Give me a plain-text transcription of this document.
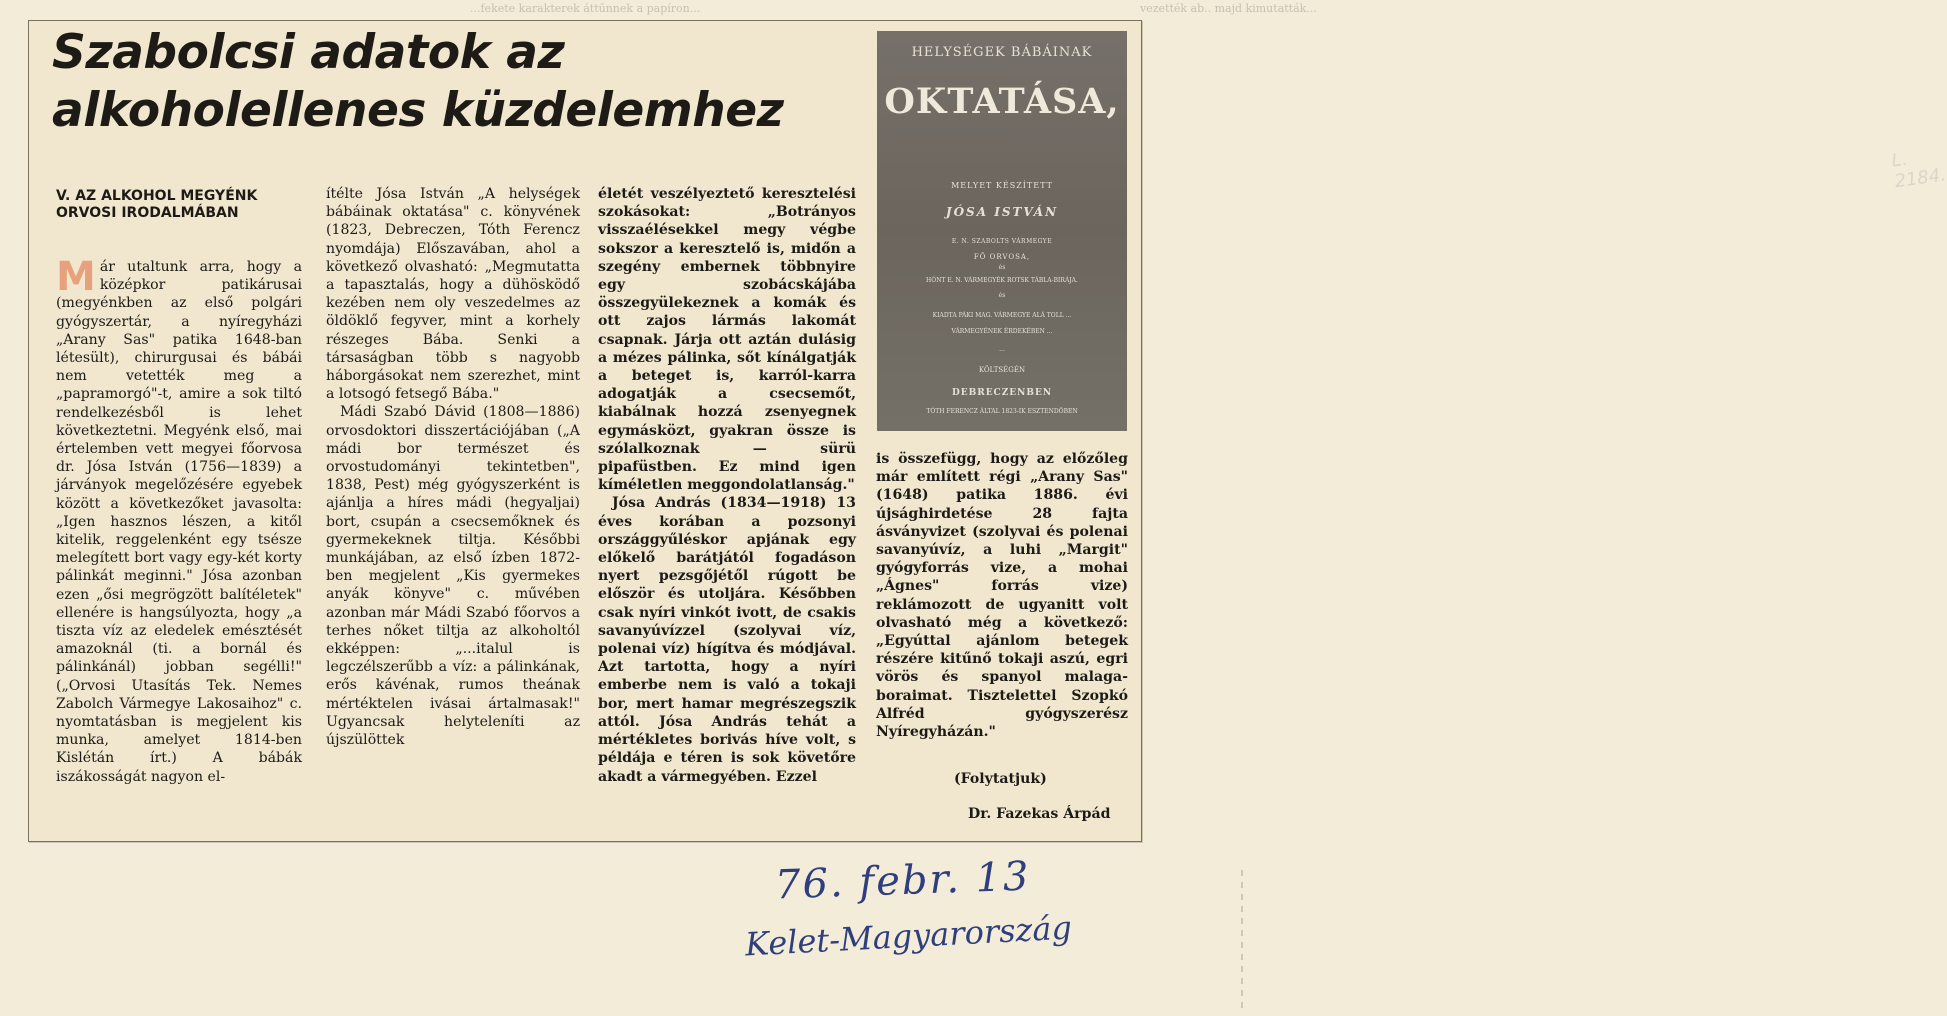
...fekete karakterek áttűnnek a papíron...	vezették ab.. majd kimutatták...
Szabolcsi adatok az
alkoholellenes küzdelemhez
V. AZ ALKOHOL MEGYÉNK ORVOSI IRODALMÁBAN

Már utaltunk arra, hogy a középkor patikárusai (megyénkben az első polgári gyógyszertár, a nyíregyházi „Arany Sas" patika 1648-ban létesült), chirurgusai és bábái nem vetették meg a „papramorgó"-t, amire a sok tiltó rendelkezésből is lehet következtetni. Megyénk első, mai értelemben vett megyei főorvosa dr. Jósa István (1756—1839) a járványok megelőzésére egyebek között a következőket javasolta: „Igen hasznos lészen, a kitől kitelik, reggelenként egy tsésze melegített bort vagy egy-két korty pálinkát meginni." Jósa azonban ezen „ősi megrögzött balítéletek" ellenére is hangsúlyozta, hogy „a tiszta víz az eledelek emésztését amazoknál (ti. a bornál és pálinkánál) jobban segélli!" („Orvosi Utasítás Tek. Nemes Zabolch Vármegye Lakosaihoz" c. nyomtatásban is megjelent kis munka, amelyet 1814-ben Kislétán írt.) A bábák iszákosságát nagyon el-

ítélte Jósa István „A helységek bábáinak oktatása" c. könyvének (1823, Debreczen, Tóth Ferencz nyomdája) Előszavában, ahol a következő olvasható: „Megmutatta a tapasztalás, hogy a dühösködő kezében nem oly veszedelmes az öldöklő fegyver, mint a korhely részeges Bába. Senki a társaságban több s nagyobb háborgásokat nem szerezhet, mint a lotsogó fetsegő Bába."

Mádi Szabó Dávid (1808—1886) orvosdoktori disszertációjában („A mádi bor természet és orvostudományi tekintetben", 1838, Pest) még gyógyszerként is ajánlja a híres mádi (hegyaljai) bort, csupán a csecsemőknek és gyermekeknek tiltja. Későbbi munkájában, az első ízben 1872-ben megjelent „Kis gyermekes anyák könyve" c. művében azonban már Mádi Szabó főorvos a terhes nőket tiltja az alkoholtól ekképpen: „...italul is legczélszerűbb a víz: a pálinkának, erős kávénak, rumos theának mértéktelen ivásai ártalmasak!" Ugyancsak helyteleníti az újszülöttek

életét veszélyeztető keresztelési szokásokat: „Botrányos visszaélésekkel megy végbe sokszor a keresztelő is, midőn a szegény embernek többnyire egy szobácskájába összegyülekeznek a komák és ott zajos lármás lakomát csapnak. Járja ott aztán dulásig a mézes pálinka, sőt kínálgatják a beteget is, karról-karra adogatják a csecsemőt, kiabálnak hozzá zsenyegnek egymásközt, gyakran össze is szólalkoznak — sürü pipafüstben. Ez mind igen kíméletlen meggondolatlanság."

Jósa András (1834—1918) 13 éves korában a pozsonyi országgyűléskor apjának egy előkelő barátjától fogadáson nyert pezsgőjétől rúgott be először és utoljára. Későbben csak nyíri vinkót ivott, de csakis savanyúvízzel (szolyvai víz, polenai víz) hígítva és módjával. Azt tartotta, hogy a nyíri emberbe nem is való a tokaji bor, mert hamar megrészegszik attól. Jósa András tehát a mértékletes borivás híve volt, s példája e téren is sok követőre akadt a vármegyében. Ezzel

HELYSÉGEK BÁBÁINAK

OKTATÁSA,

L. 2184.

MELYET KÉSZÍTETT

JÓSA ISTVÁN

E. N. SZABOLTS VÁRMEGYE

FŐ ORVOSA,

és

HÓNT E. N. VÁRMEGYÉK ROTSK TÁBLA-BIRÁJA.

és

KIADTA PÁKI MAG. VÁRMEGYE ALÁ TOLL ...

VÁRMEGYÉNEK ÉRDEKÉBEN ...

...

KÖLTSÉGÉN

DEBRECZENBEN

TÓTH FERENCZ ÁLTAL 1823-IK ESZTENDŐBEN

is összefügg, hogy az előzőleg már említett régi „Arany Sas" (1648) patika 1886. évi újsághirdetése 28 fajta ásványvizet (szolyvai és polenai savanyúvíz, a luhi „Margit" gyógyforrás vize, a mohai „Ágnes" forrás vize) reklámozott de ugyanitt volt olvasható még a következő: „Egyúttal ajánlom betegek részére kitűnő tokaji aszú, egri vörös és spanyol malaga-boraimat. Tisztelettel Szopkó Alfréd gyógyszerész Nyíregyházán."

(Folytatjuk)

Dr. Fazekas Árpád

76. febr. 13

Kelet-Magyarország
